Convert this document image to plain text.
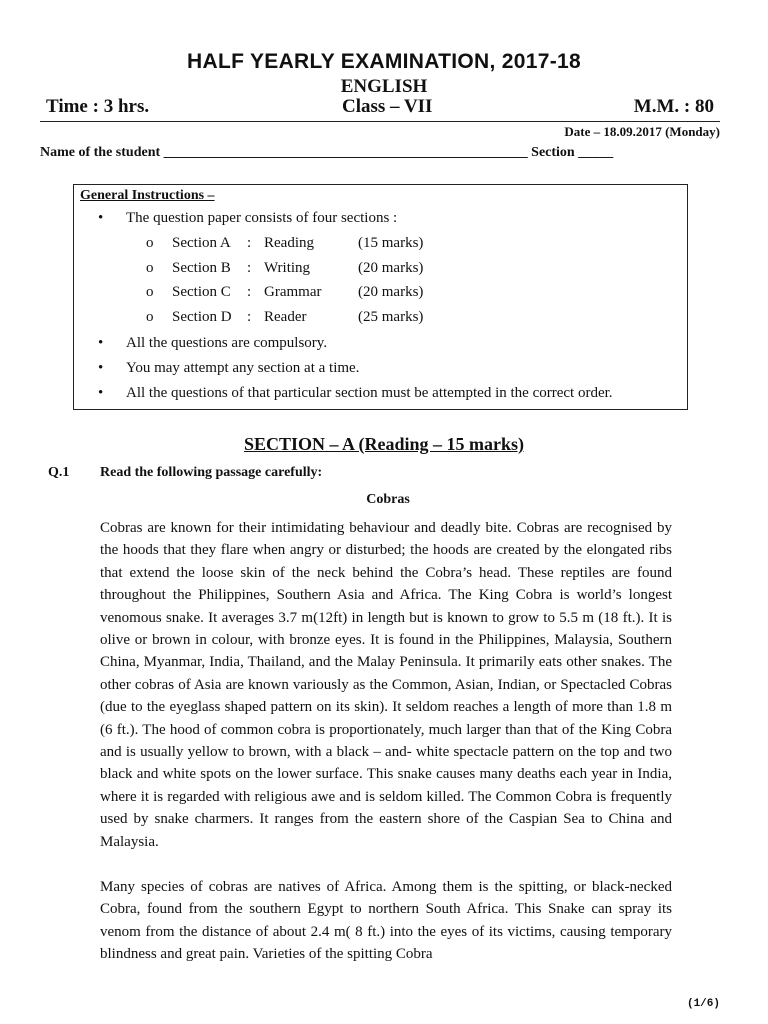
HALF YEARLY EXAMINATION, 2017-18
ENGLISH
Time : 3 hrs.	Class – VII	M.M. : 80
Date – 18.09.2017 (Monday)
Name of the student ____________________________________________________ Section _____
General Instructions –
• The question paper consists of four sections :
o Section A : Reading	(15 marks)
o Section B : Writing	(20 marks)
o Section C : Grammar (20 marks)
o Section D : Reader	(25 marks)
• All the questions are compulsory.
• You may attempt any section at a time.
• All the questions of that particular section must be attempted in the correct order.
SECTION – A (Reading – 15 marks)
Q.1 Read the following passage carefully:
Cobras

Cobras are known for their intimidating behaviour and deadly bite. Cobras are recognised by the hoods that they flare when angry or disturbed; the hoods are created by the elongated ribs that extend the loose skin of the neck behind the Cobra’s head. These reptiles are found throughout the Philippines, Southern Asia and Africa. The King Cobra is world’s longest venomous snake. It averages 3.7 m(12ft) in length but is known to grow to 5.5 m (18 ft.). It is olive or brown in colour, with bronze eyes. It is found in the Philippines, Malaysia, Southern China, Myanmar, India, Thailand, and the Malay Peninsula. It primarily eats other snakes. The other cobras of Asia are known variously as the Common, Asian, Indian, or Spectacled Cobras (due to the eyeglass shaped pattern on its skin). It seldom reaches a length of more than 1.8 m (6 ft.). The hood of common cobra is proportionately, much larger than that of the King Cobra and is usually yellow to brown, with a black – and- white spectacle pattern on the top and two black and white spots on the lower surface. This snake causes many deaths each year in India, where it is regarded with religious awe and is seldom killed. The Common Cobra is frequently used by snake charmers. It ranges from the eastern shore of the Caspian Sea to China and Malaysia.

Many species of cobras are natives of Africa. Among them is the spitting, or black-necked Cobra, found from the southern Egypt to northern South Africa. This Snake can spray its venom from the distance of about 2.4 m( 8 ft.) into the eyes of its victims, causing temporary blindness and great pain. Varieties of the spitting Cobra

(1/6)
